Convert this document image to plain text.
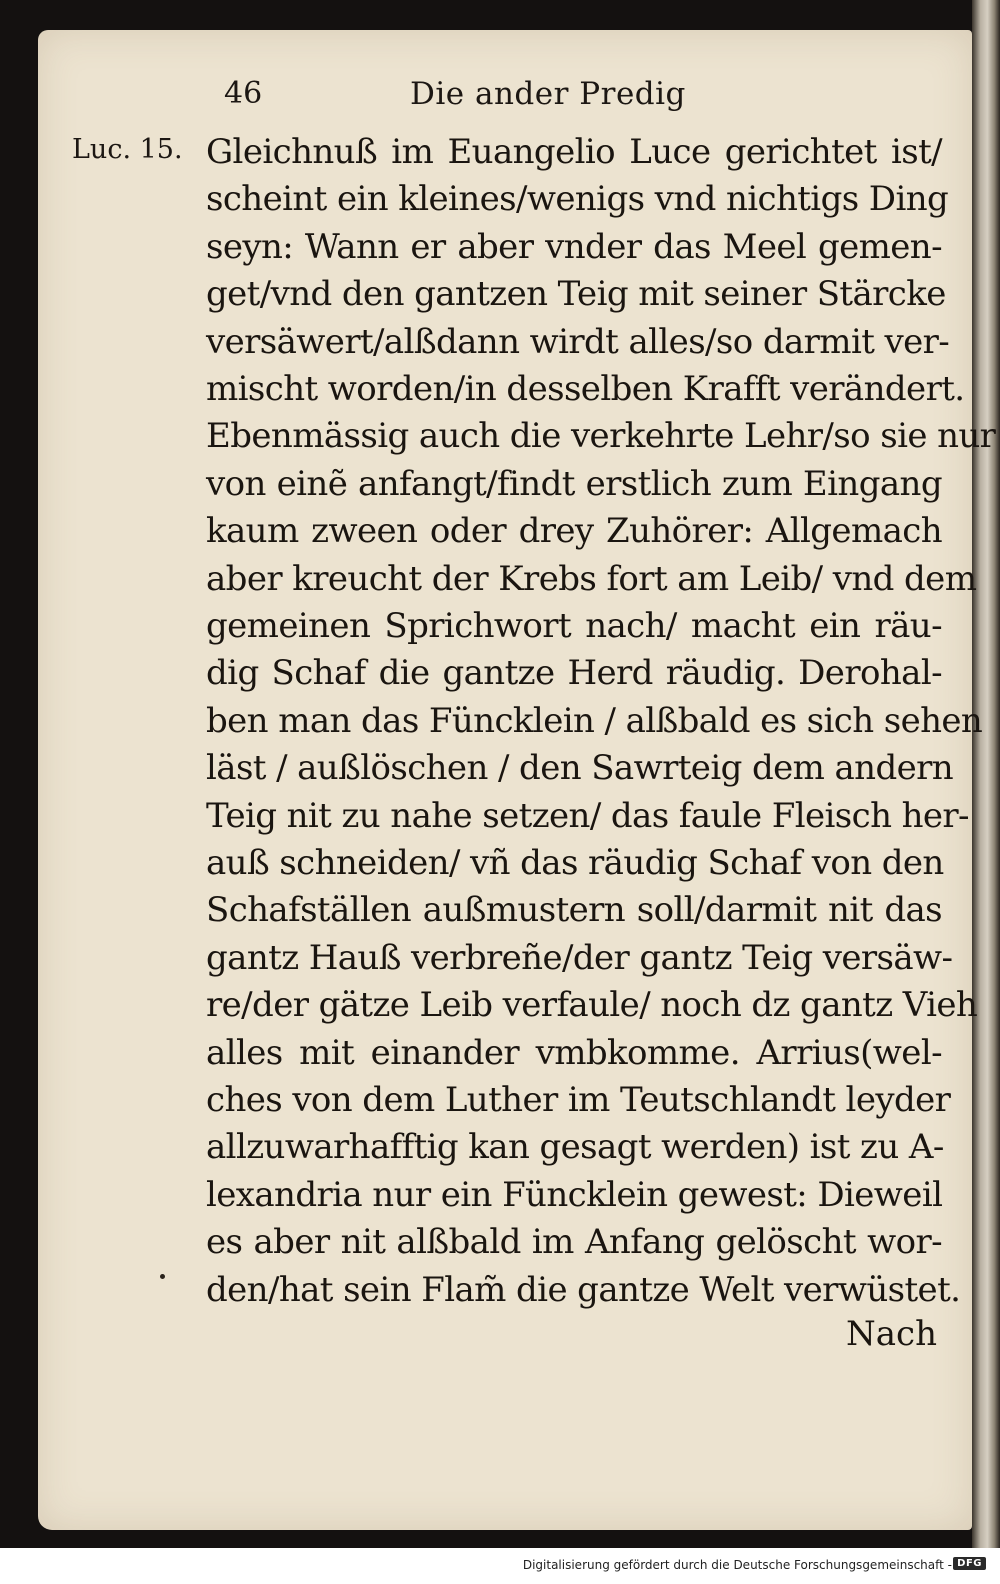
46	Die ander Predig
Luc. 15. Gleichnuß im Euangelio Luce gerichtet ist/
scheint ein kleines/wenigs vnd nichtigs Ding
seyn: Wann er aber vnder das Meel gemen-
get/vnd den gantzen Teig mit seiner Stärcke
versäwert/alßdann wirdt alles/so darmit ver-
mischt worden/in desselben Krafft verändert.
Ebenmässig auch die verkehrte Lehr/so sie nur
von einẽ anfangt/findt erstlich zum Eingang
kaum zween oder drey Zuhörer: Allgemach
aber kreucht der Krebs fort am Leib/ vnd dem
gemeinen Sprichwort nach/ macht ein räu-
dig Schaf die gantze Herd räudig. Derohal-
ben man das Füncklein / alßbald es sich sehen
läst / außlöschen / den Sawrteig dem andern
Teig nit zu nahe setzen/ das faule Fleisch her-
auß schneiden/ vñ das räudig Schaf von den
Schafställen außmustern soll/darmit nit das
gantz Hauß verbreñe/der gantz Teig versäw-
re/der gätze Leib verfaule/ noch dz gantz Vieh
alles mit einander vmbkomme. Arrius(wel-
ches von dem Luther im Teutschlandt leyder
allzuwarhafftig kan gesagt werden) ist zu A-
lexandria nur ein Füncklein gewest: Dieweil
es aber nit alßbald im Anfang gelöscht wor-
den/hat sein Flam̃ die gantze Welt verwüstet.
Nach
Digitalisierung gefördert durch die Deutsche Forschungsgemeinschaft - DFG
